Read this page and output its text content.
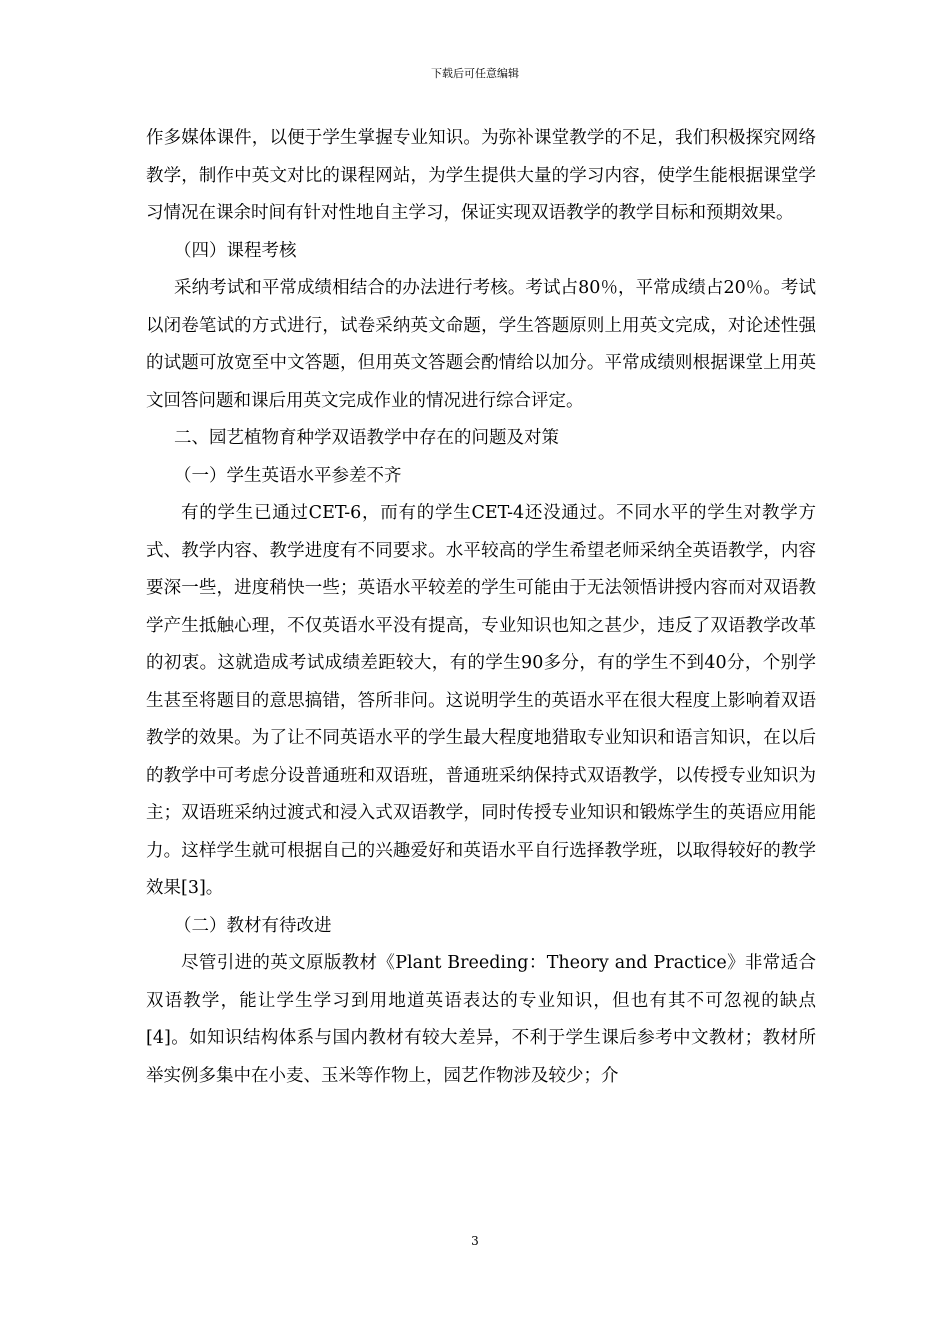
下载后可任意编辑

作多媒体课件，以便于学生掌握专业知识。为弥补课堂教学的不足，我们积极探究网络教学，制作中英文对比的课程网站，为学生提供大量的学习内容，使学生能根据课堂学习情况在课余时间有针对性地自主学习，保证实现双语教学的教学目标和预期效果。

（四）课程考核

采纳考试和平常成绩相结合的办法进行考核。考试占80％，平常成绩占20％。考试以闭卷笔试的方式进行，试卷采纳英文命题，学生答题原则上用英文完成，对论述性强的试题可放宽至中文答题，但用英文答题会酌情给以加分。平常成绩则根据课堂上用英文回答问题和课后用英文完成作业的情况进行综合评定。

二、园艺植物育种学双语教学中存在的问题及对策

（一）学生英语水平参差不齐

有的学生已通过CET-6，而有的学生CET-4还没通过。不同水平的学生对教学方式、教学内容、教学进度有不同要求。水平较高的学生希望老师采纳全英语教学，内容要深一些，进度稍快一些；英语水平较差的学生可能由于无法领悟讲授内容而对双语教学产生抵触心理，不仅英语水平没有提高，专业知识也知之甚少，违反了双语教学改革的初衷。这就造成考试成绩差距较大，有的学生90多分，有的学生不到40分，个别学生甚至将题目的意思搞错，答所非问。这说明学生的英语水平在很大程度上影响着双语教学的效果。为了让不同英语水平的学生最大程度地猎取专业知识和语言知识，在以后的教学中可考虑分设普通班和双语班，普通班采纳保持式双语教学，以传授专业知识为主；双语班采纳过渡式和浸入式双语教学，同时传授专业知识和锻炼学生的英语应用能力。这样学生就可根据自己的兴趣爱好和英语水平自行选择教学班，以取得较好的教学效果[3]。

（二）教材有待改进

尽管引进的英文原版教材《Plant Breeding：Theory and Practice》非常适合双语教学，能让学生学习到用地道英语表达的专业知识，但也有其不可忽视的缺点[4]。如知识结构体系与国内教材有较大差异，不利于学生课后参考中文教材；教材所举实例多集中在小麦、玉米等作物上，园艺作物涉及较少；介

3
